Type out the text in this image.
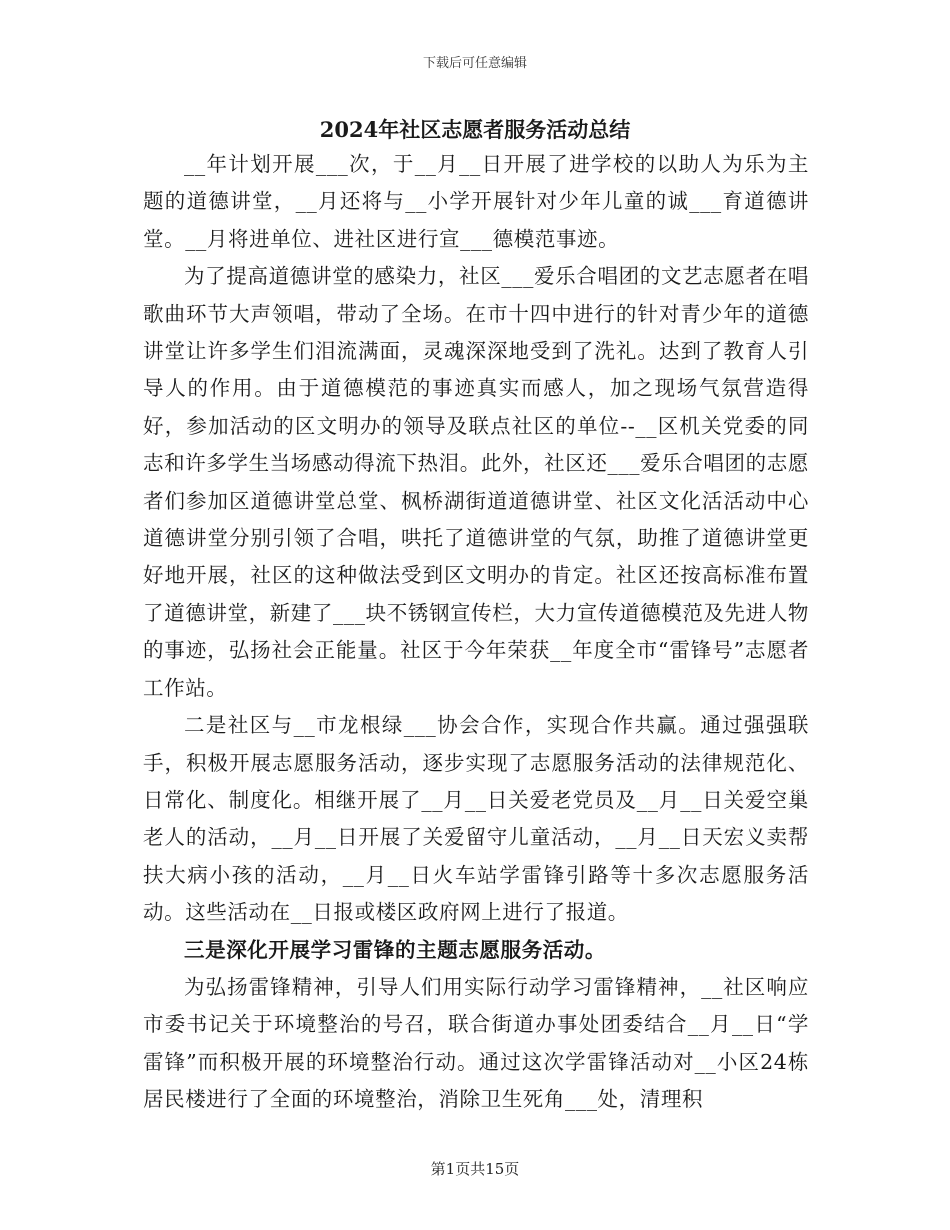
下载后可任意编辑
2024年社区志愿者服务活动总结

__年计划开展___次，于__月__日开展了进学校的以助人为乐为主题的道德讲堂，__月还将与__小学开展针对少年儿童的诚___育道德讲堂。__月将进单位、进社区进行宣___德模范事迹。

为了提高道德讲堂的感染力，社区___爱乐合唱团的文艺志愿者在唱歌曲环节大声领唱，带动了全场。在市十四中进行的针对青少年的道德讲堂让许多学生们泪流满面，灵魂深深地受到了洗礼。达到了教育人引导人的作用。由于道德模范的事迹真实而感人，加之现场气氛营造得好，参加活动的区文明办的领导及联点社区的单位--__区机关党委的同志和许多学生当场感动得流下热泪。此外，社区还___爱乐合唱团的志愿者们参加区道德讲堂总堂、枫桥湖街道道德讲堂、社区文化活活动中心道德讲堂分别引领了合唱，哄托了道德讲堂的气氛，助推了道德讲堂更好地开展，社区的这种做法受到区文明办的肯定。社区还按高标准布置了道德讲堂，新建了___块不锈钢宣传栏，大力宣传道德模范及先进人物的事迹，弘扬社会正能量。社区于今年荣获__年度全市“雷锋号”志愿者工作站。

二是社区与__市龙根绿___协会合作，实现合作共赢。通过强强联手，积极开展志愿服务活动，逐步实现了志愿服务活动的法律规范化、日常化、制度化。相继开展了__月__日关爱老党员及__月__日关爱空巢老人的活动，__月__日开展了关爱留守儿童活动，__月__日天宏义卖帮扶大病小孩的活动，__月__日火车站学雷锋引路等十多次志愿服务活动。这些活动在__日报或楼区政府网上进行了报道。

三是深化开展学习雷锋的主题志愿服务活动。

为弘扬雷锋精神，引导人们用实际行动学习雷锋精神，__社区响应市委书记关于环境整治的号召，联合街道办事处团委结合__月__日“学雷锋”而积极开展的环境整治行动。通过这次学雷锋活动对__小区24栋居民楼进行了全面的环境整治，消除卫生死角___处，清理积

第1页共15页
